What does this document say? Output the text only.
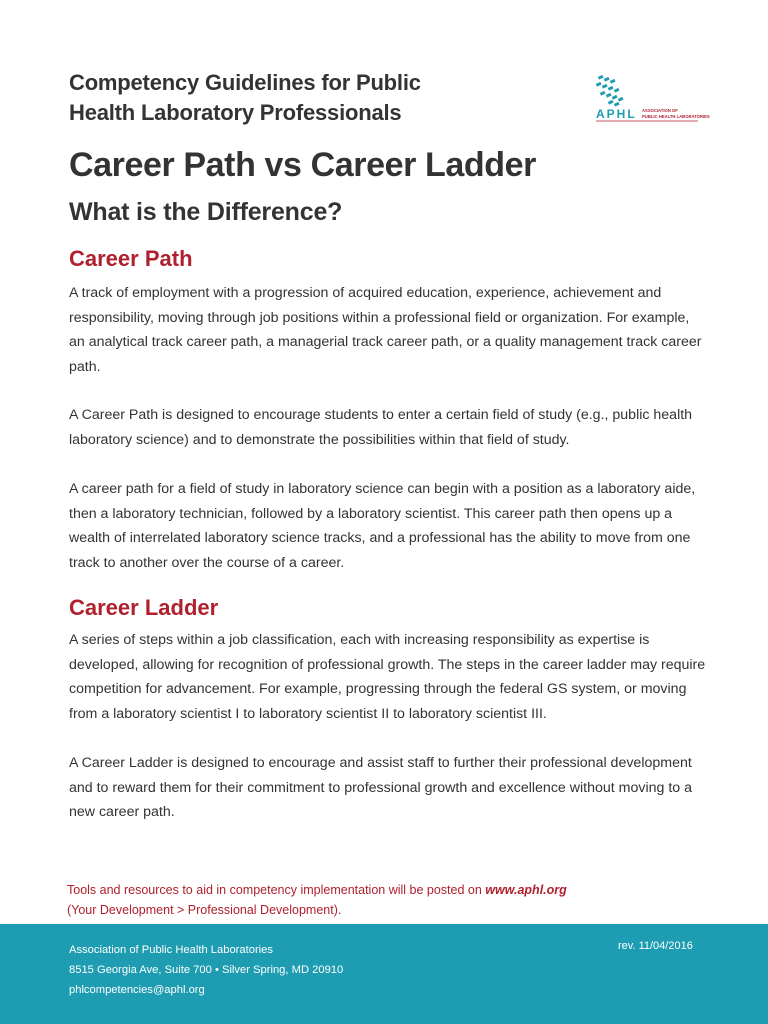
Competency Guidelines for Public
Health Laboratory Professionals	APHL ASSOCIATION OF
PUBLIC HEALTH LABORATORIES
Career Path vs Career Ladder
What is the Difference?
Career Path
A track of employment with a progression of acquired education, experience, achievement and responsibility, moving through job positions within a professional field or organization. For example, an analytical track career path, a managerial track career path, or a quality management track career path.
A Career Path is designed to encourage students to enter a certain field of study (e.g., public health laboratory science) and to demonstrate the possibilities within that field of study.
A career path for a field of study in laboratory science can begin with a position as a laboratory aide, then a laboratory technician, followed by a laboratory scientist. This career path then opens up a wealth of interrelated laboratory science tracks, and a professional has the ability to move from one track to another over the course of a career.
Career Ladder
A series of steps within a job classification, each with increasing responsibility as expertise is developed, allowing for recognition of professional growth. The steps in the career ladder may require competition for advancement. For example, progressing through the federal GS system, or moving from a laboratory scientist I to laboratory scientist II to laboratory scientist III.
A Career Ladder is designed to encourage and assist staff to further their professional development and to reward them for their commitment to professional growth and excellence without moving to a new career path.
Tools and resources to aid in competency implementation will be posted on www.aphl.org
(Your Development > Professional Development).
Association of Public Health Laboratories
8515 Georgia Ave, Suite 700 • Silver Spring, MD 20910
phlcompetencies@aphl.org
rev. 11/04/2016
